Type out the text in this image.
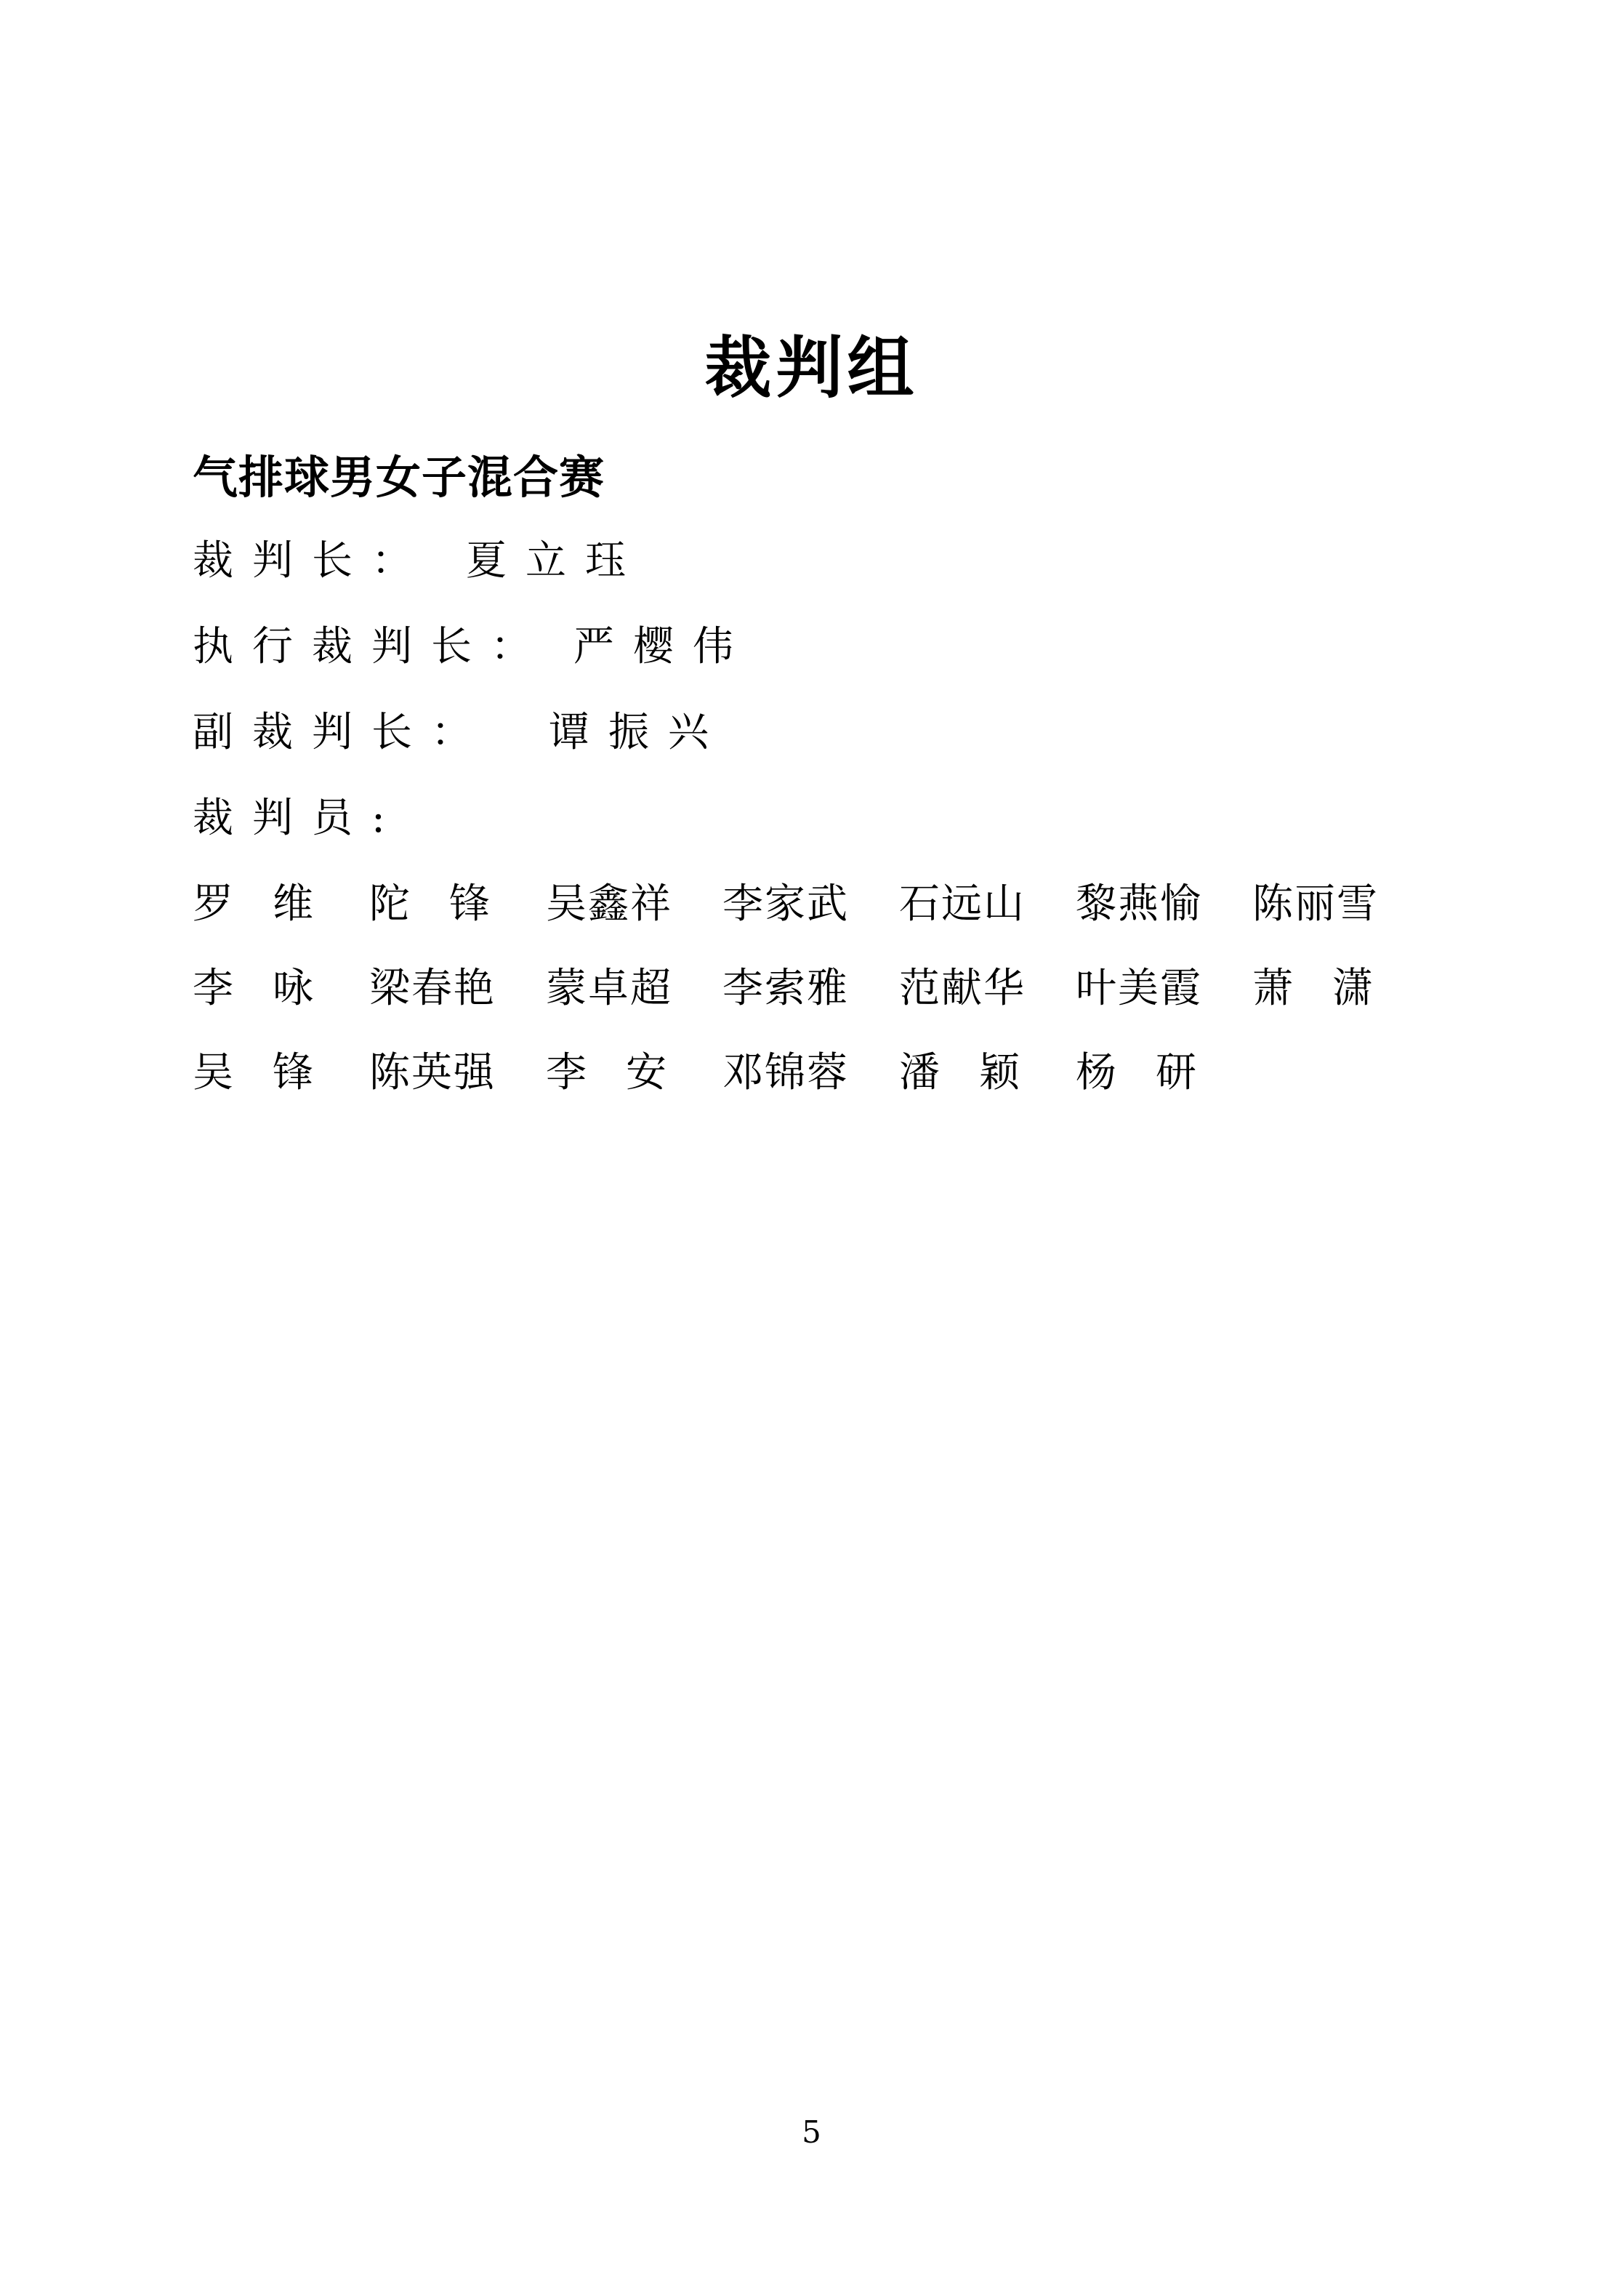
裁判组
气排球男女子混合赛
裁判长： 夏立珏
执行裁判长： 严樱伟
副裁判长： 谭振兴
裁判员:
罗维 陀锋 吴鑫祥 李家武 石远山 黎燕愉 陈丽雪
李咏 梁春艳 蒙卓超 李索雅 范献华 叶美霞 萧潇
吴锋 陈英强 李安 邓锦蓉 潘颖 杨研
5
